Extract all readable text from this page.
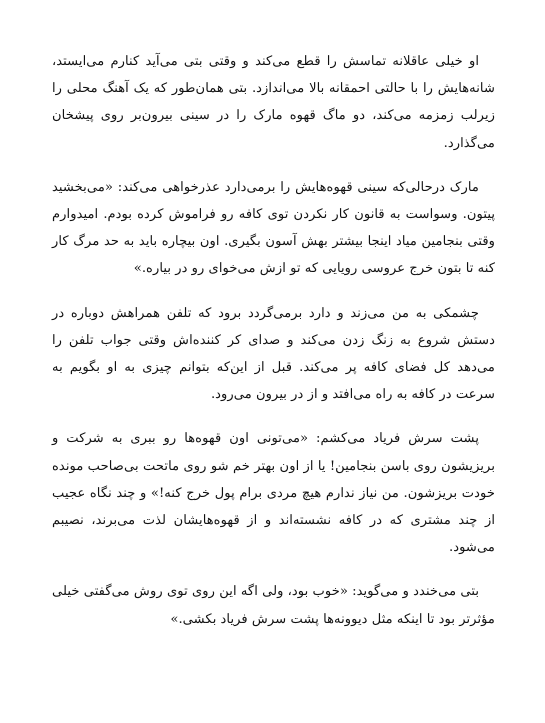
او خیلی عاقلانه تماسش را قطع می‌کند و وقتی بتی می‌آید کنارم می‌ایستد، شانه‌هایش را با حالتی احمقانه بالا می‌اندازد. بتی همان‌طور که یک آهنگ محلی را زیرلب زمزمه می‌کند، دو ماگ قهوه مارک را در سینی بیرون‌بر روی پیشخان می‌گذارد.

مارک درحالی‌که سینی قهوه‌هایش را برمی‌دارد عذرخواهی می‌کند: «می‌بخشید پیتون. وسواست به قانون کار نکردن توی کافه رو فراموش کرده بودم. امیدوارم وقتی بنجامین میاد اینجا بیشتر بهش آسون بگیری. اون بیچاره باید به حد مرگ کار کنه تا بتون خرج عروسی رویایی که تو ازش می‌خوای رو در بیاره.»

چشمکی به من می‌زند و دارد برمی‌گردد برود که تلفن همراهش دوباره در دستش شروع به زنگ زدن می‌کند و صدای کر کننده‌اش وقتی جواب تلفن را می‌دهد کل فضای کافه پر می‌کند. قبل از این‌که بتوانم چیزی به او بگویم به سرعت در کافه به راه می‌افتد و از در بیرون می‌رود.

پشت سرش فریاد می‌کشم: «می‌تونی اون قهوه‌ها رو ببری به شرکت و بریزیشون روی باسن بنجامین! یا از اون بهتر خم شو روی ماتحت بی‌صاحب مونده خودت بریزشون. من نیاز ندارم هیچ مردی برام پول خرج کنه!» و چند نگاه عجیب از چند مشتری که در کافه نشسته‌اند و از قهوه‌هایشان لذت می‌برند، نصیبم می‌شود.

بتی می‌خندد و می‌گوید: «خوب بود، ولی اگه این روی توی روش می‌گفتی خیلی مؤثرتر بود تا اینکه مثل دیوونه‌ها پشت سرش فریاد بکشی.»
